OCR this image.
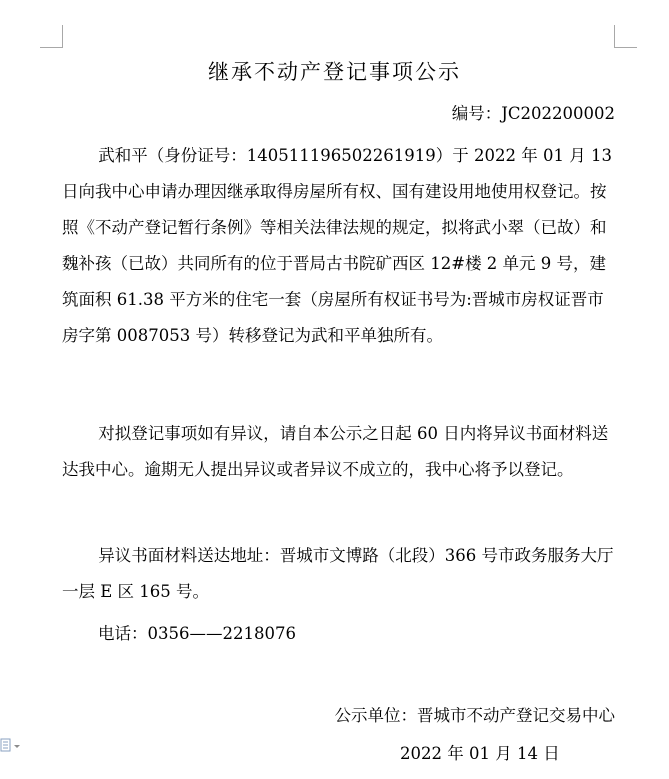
继承不动产登记事项公示
编号：JC202200002

武和平（身份证号：140511196502261919）于 2022 年 01 月 13 日向我中心申请办理因继承取得房屋所有权、国有建设用地使用权登记。按照《不动产登记暂行条例》等相关法律法规的规定，拟将武小翠（已故）和魏补孩（已故）共同所有的位于晋局古书院矿西区 12#楼 2 单元 9 号，建筑面积 61.38 平方米的住宅一套（房屋所有权证书号为:晋城市房权证晋市房字第 0087053 号）转移登记为武和平单独所有。

对拟登记事项如有异议，请自本公示之日起 60 日内将异议书面材料送达我中心。逾期无人提出异议或者异议不成立的，我中心将予以登记。

异议书面材料送达地址：晋城市文博路（北段）366 号市政务服务大厅一层 E 区 165 号。

电话：0356——2218076
公示单位：晋城市不动产登记交易中心
2022 年 01 月 14 日
